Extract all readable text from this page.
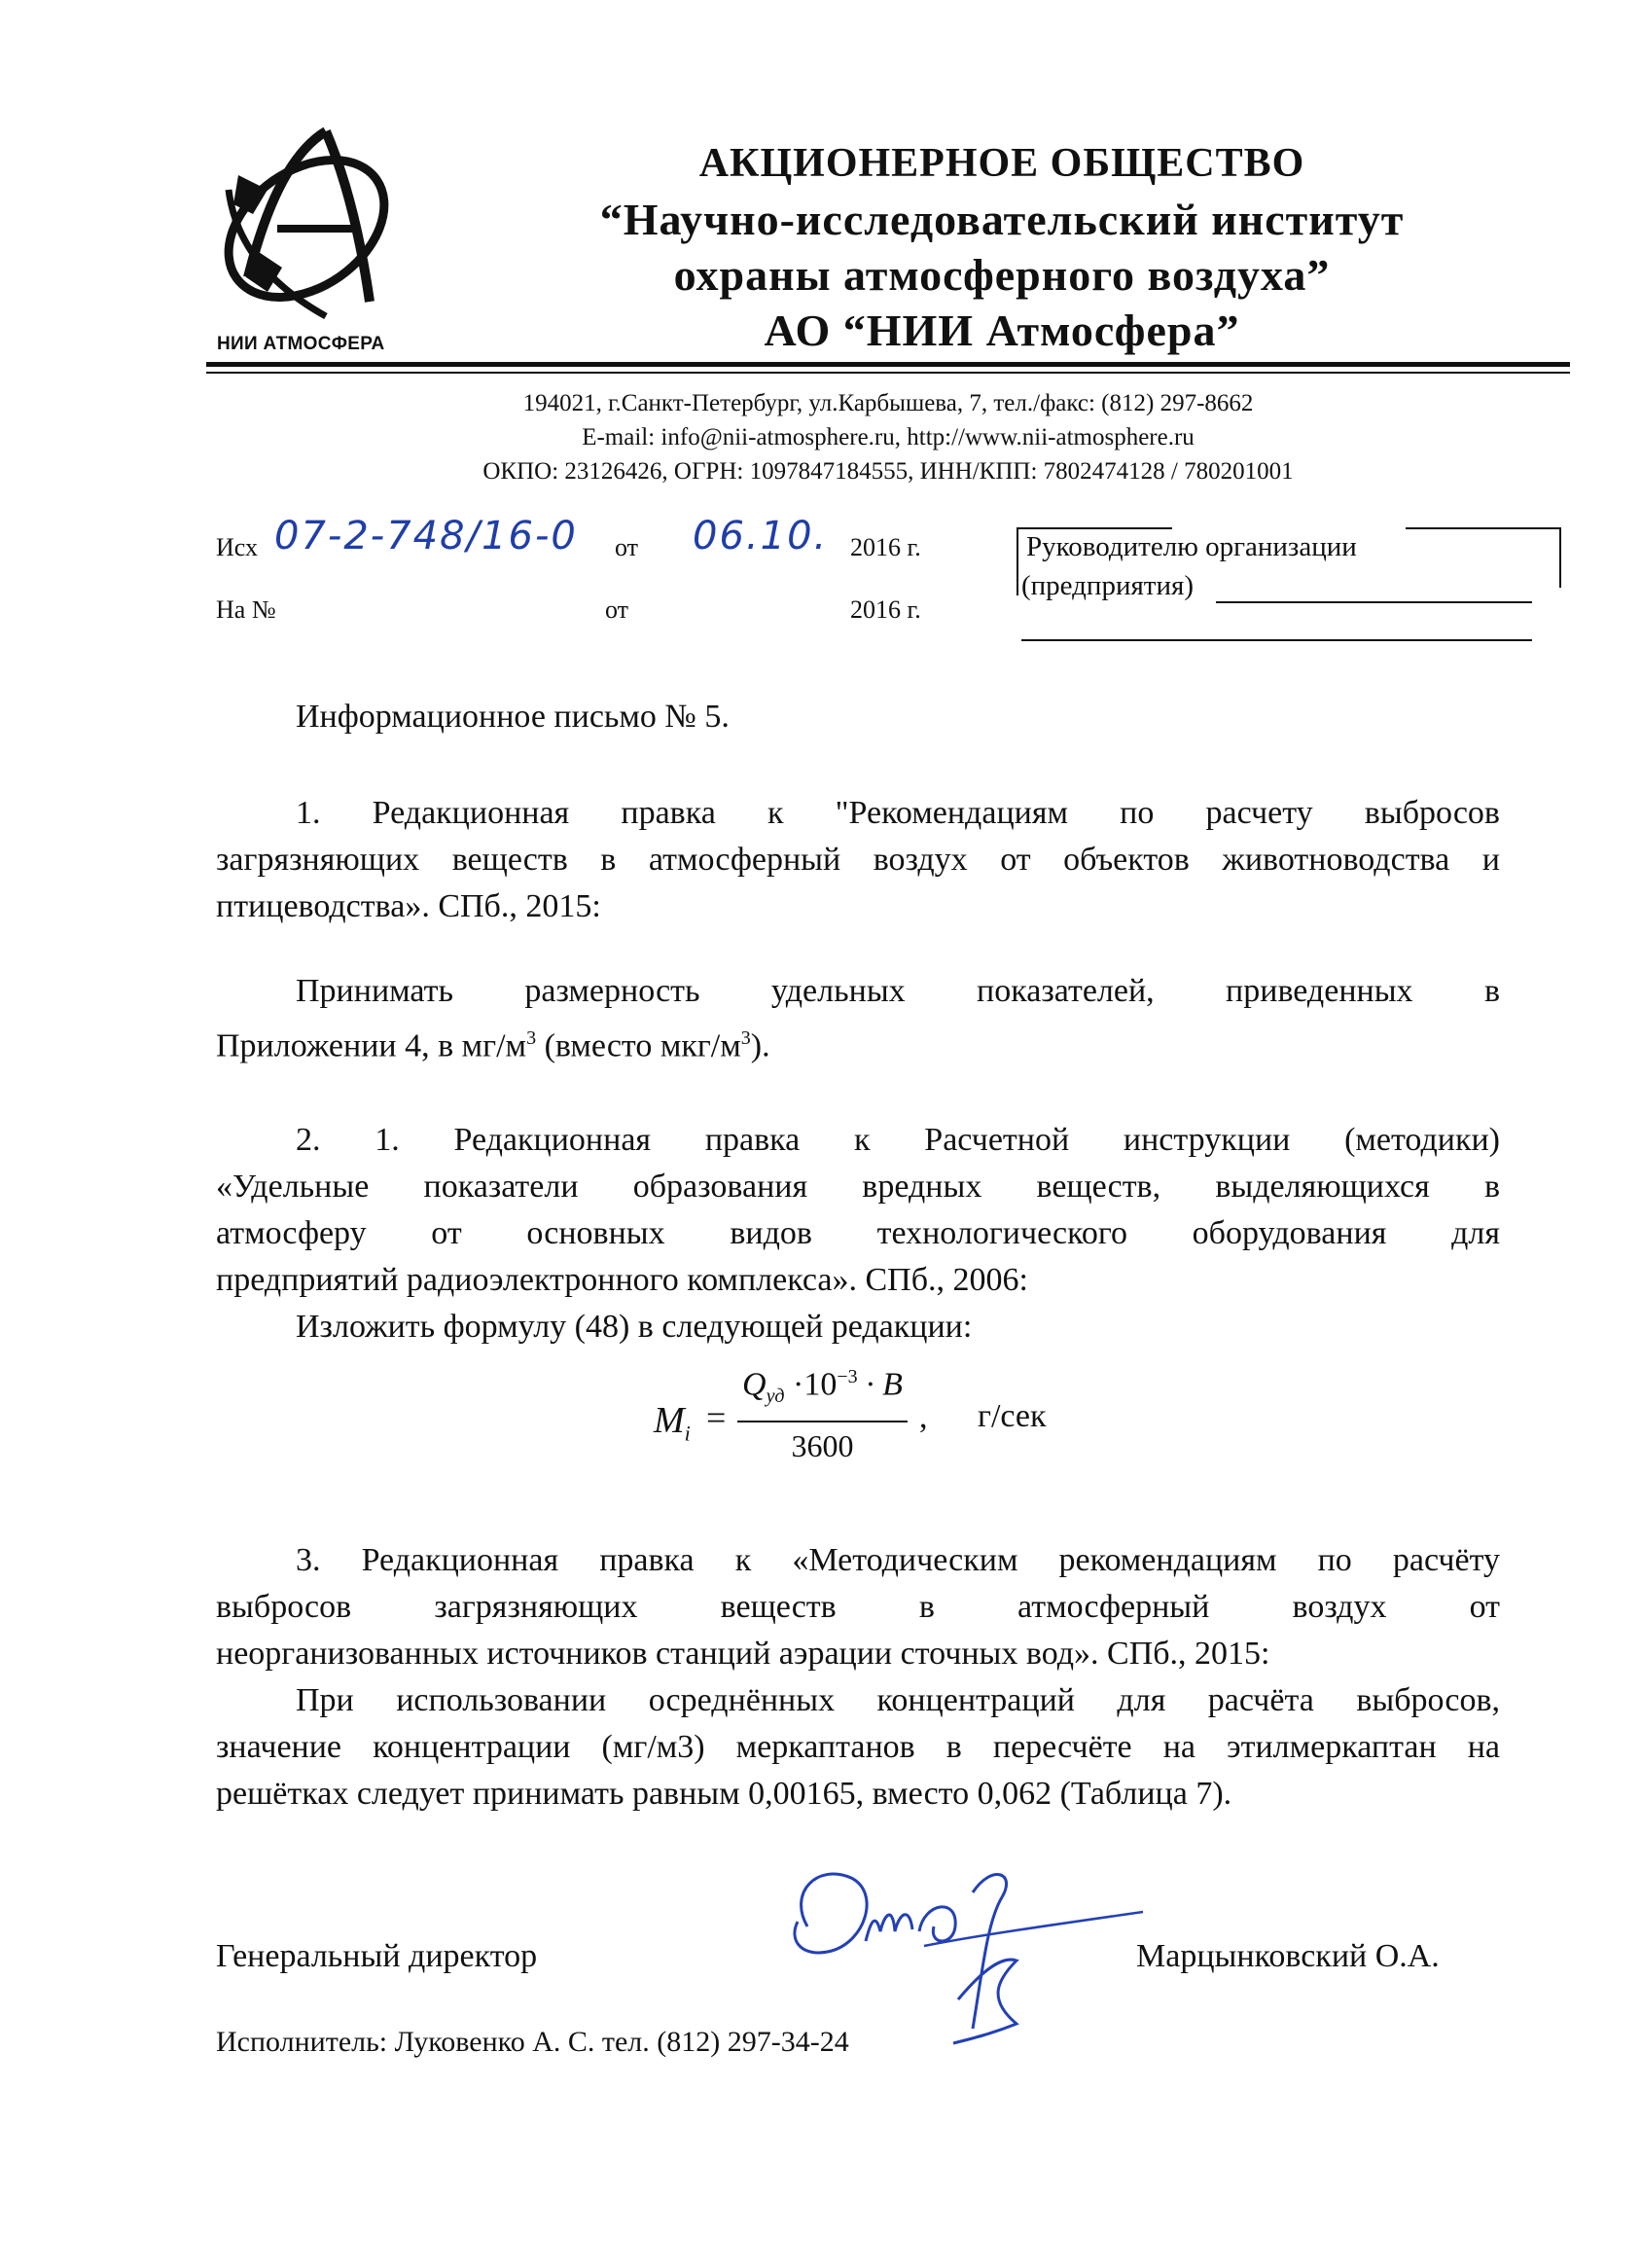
НИИ АТМОСФЕРА
АКЦИОНЕРНОЕ ОБЩЕСТВО
“Научно-исследовательский институт
охраны атмосферного воздуха”
АО “НИИ Атмосфера”
194021, г.Санкт-Петербург, ул.Карбышева, 7, тел./факс: (812) 297-8662
E-mail: info@nii-atmosphere.ru, http://www.nii-atmosphere.ru
ОКПО: 23126426, ОГРН: 1097847184555, ИНН/КПП: 7802474128 / 780201001
Исх 07-2-748/16-0 от 06.10. 2016 г.
На №	от	2016 г.
Руководителю организации
(предприятия)
Информационное письмо № 5.
1. Редакционная правка к "Рекомендациям по расчету выбросов
загрязняющих веществ в атмосферный воздух от объектов животноводства и
птицеводства». СПб., 2015:
Принимать размерность удельных показателей, приведенных в
Приложении 4, в $мг/м^3$ (вместо мкг/$м^3$).
2. 1. Редакционная правка к Расчетной инструкции (методики)
«Удельные показатели образования вредных веществ, выделяющихся в
атмосферу от основных видов технологического оборудования для
предприятий радиоэлектронного комплекса». СПб., 2006:
Изложить формулу (48) в следующей редакции:
$M_i$ =
$Q_{уд} \cdot 10^{-3} \cdot B$
3600
, г/сек
3. Редакционная правка к «Методическим рекомендациям по расчёту
выбросов загрязняющих веществ в атмосферный воздух от
неорганизованных источников станций аэрации сточных вод». СПб., 2015:
При использовании осреднённых концентраций для расчёта выбросов,
значение концентрации (мг/м3) меркаптанов в пересчёте на этилмеркаптан на
решётках следует принимать равным 0,00165, вместо 0,062 (Таблица 7).
Генеральный директор	Марцынковский О.А.
Исполнитель: Луковенко А. С. тел. (812) 297-34-24
